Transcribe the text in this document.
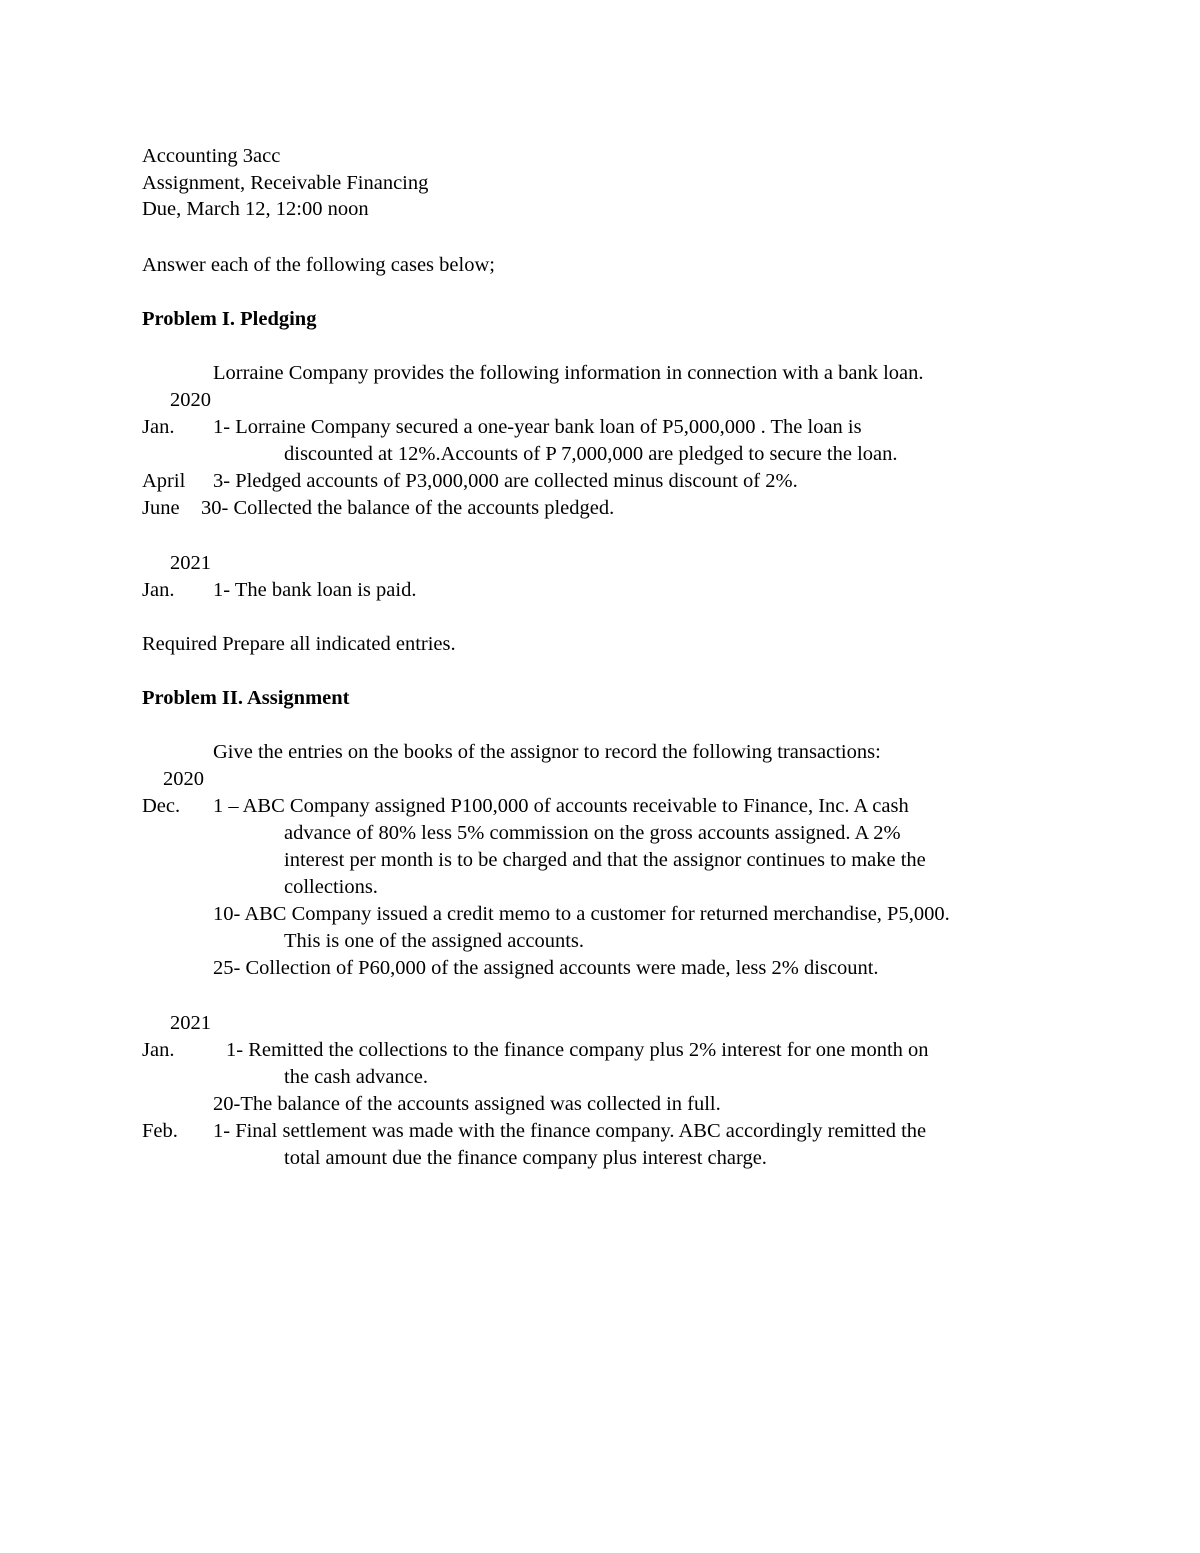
Accounting 3acc

Assignment, Receivable Financing

Due, March 12, 12:00 noon

Answer each of the following cases below;

Problem I. Pledging

Lorraine Company provides the following information in connection with a bank loan.

2020

Jan. 1- Lorraine Company secured a one-year bank loan of P5,000,000 . The loan is

discounted at 12%.Accounts of P 7,000,000 are pledged to secure the loan.

April 3- Pledged accounts of P3,000,000 are collected minus discount of 2%.

June 30- Collected the balance of the accounts pledged.

2021

Jan. 1- The bank loan is paid.

Required Prepare all indicated entries.

Problem II. Assignment

Give the entries on the books of the assignor to record the following transactions:

2020

Dec. 1 – ABC Company assigned P100,000 of accounts receivable to Finance, Inc. A cash

advance of 80% less 5% commission on the gross accounts assigned. A 2%

interest per month is to be charged and that the assignor continues to make the

collections.

10- ABC Company issued a credit memo to a customer for returned merchandise, P5,000.

This is one of the assigned accounts.

25- Collection of P60,000 of the assigned accounts were made, less 2% discount.

2021

Jan.	1- Remitted the collections to the finance company plus 2% interest for one month on

the cash advance.

20-The balance of the accounts assigned was collected in full.

Feb. 1- Final settlement was made with the finance company. ABC accordingly remitted the

total amount due the finance company plus interest charge.
